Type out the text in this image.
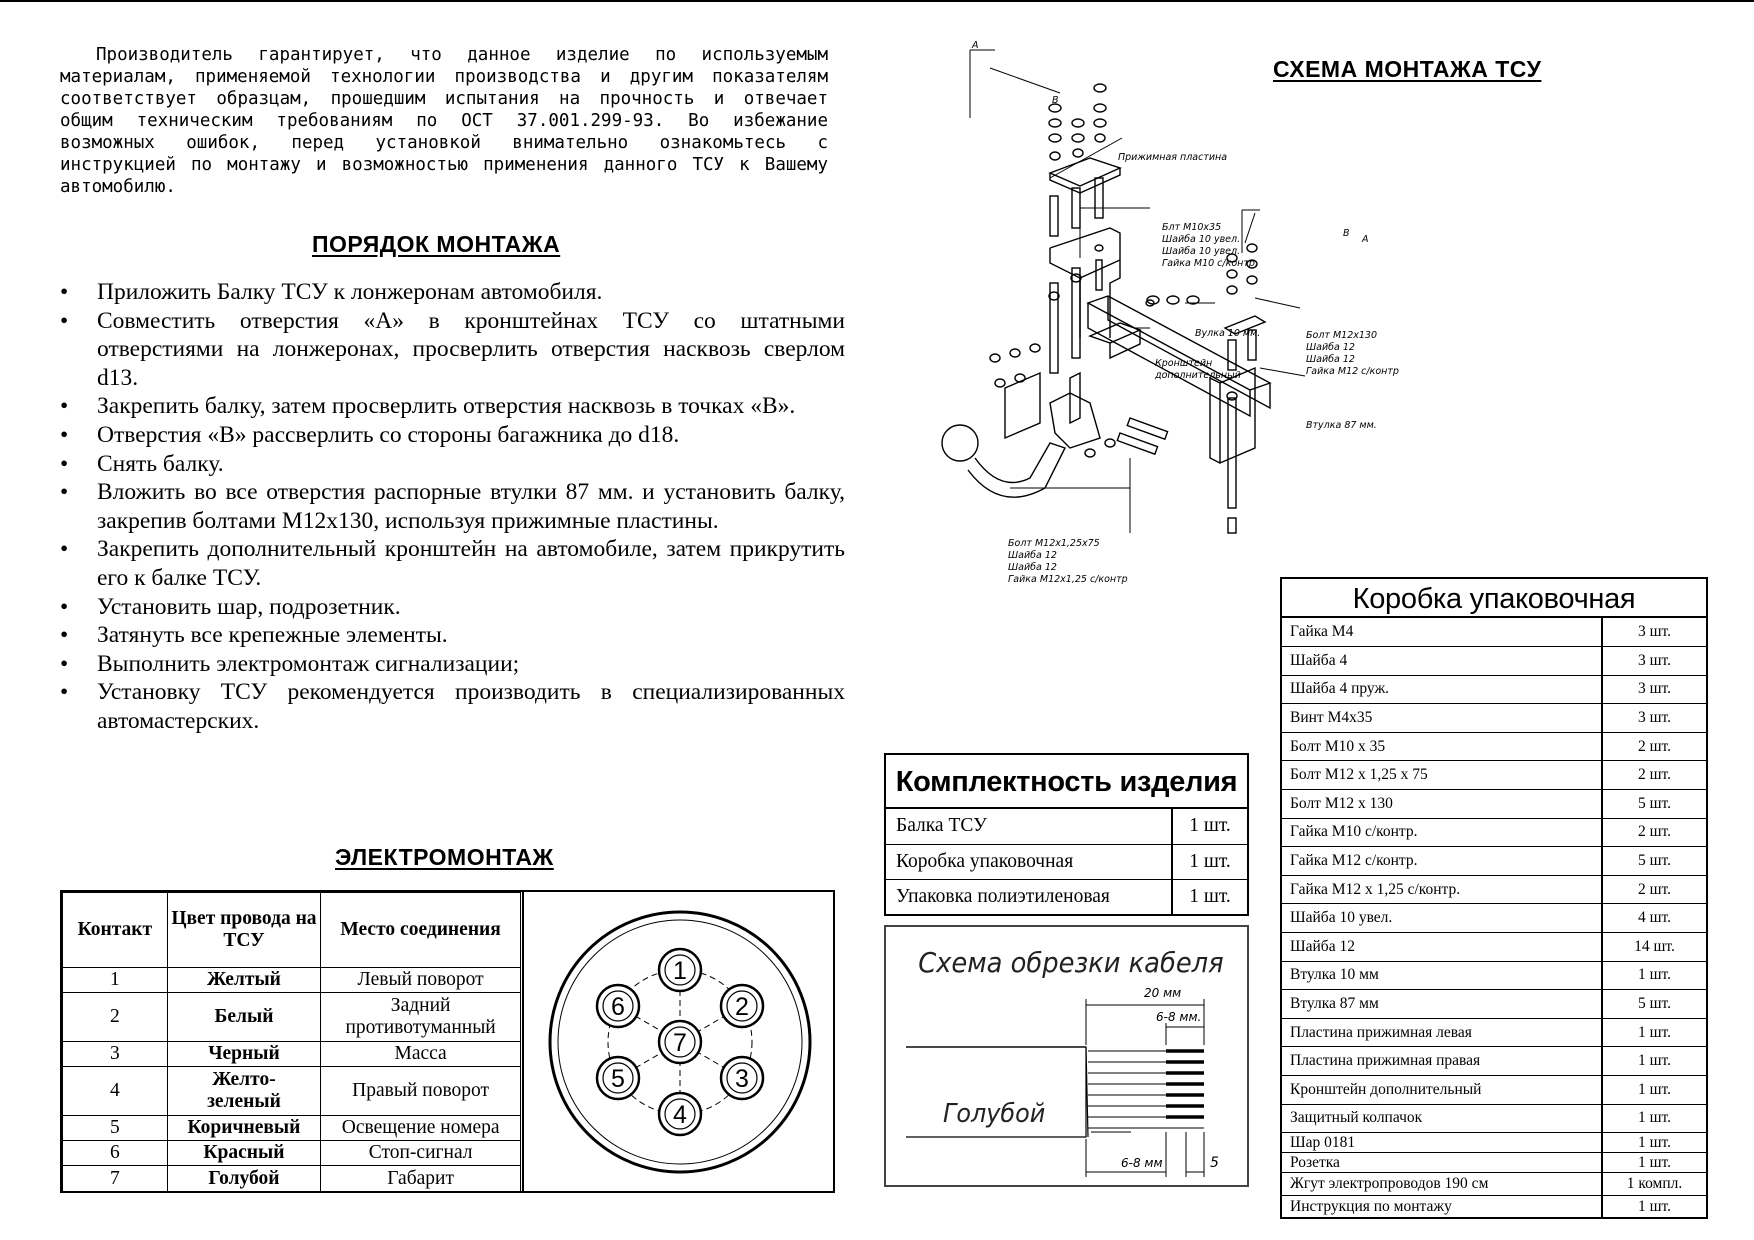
Производитель гарантирует, что данное изделие по используемым материалам, применяемой технологии производства и другим показателям соответствует образцам, прошедшим испытания на прочность и отвечает общим техническим требованиям по ОСТ 37.001.299-93. Во избежание возможных ошибок, перед установкой внимательно ознакомьтесь с инструкцией по монтажу и возможностью применения данного ТСУ к Вашему автомобилю.

ПОРЯДОК МОНТАЖА
• Приложить Балку ТСУ к лонжеронам автомобиля.
• Совместить отверстия «А» в кронштейнах ТСУ со штатными отверстиями на лонжеронах, просверлить отверстия насквозь сверлом d13.
• Закрепить балку, затем просверлить отверстия насквозь в точках «В».
• Отверстия «В» рассверлить со стороны багажника до d18.
• Снять балку.
• Вложить во все отверстия распорные втулки 87 мм. и установить балку, закрепив болтами М12х130, используя прижимные пластины.
• Закрепить дополнительный кронштейн на автомобиле, затем прикрутить его к балке ТСУ.
• Установить шар, подрозетник.
• Затянуть все крепежные элементы.
• Выполнить электромонтаж сигнализации;
• Установку ТСУ рекомендуется производить в специализированных автомастерских.
ЭЛЕКТРОМОНТАЖ
Контакт	Цвет провода на ТСУ	Место соединения
1	Желтый	Левый поворот
2	Белый	Задний противотуманный
3	Черный	Масса
4	Желто-зеленый	Правый поворот
5	Коричневый	Освещение номера
6	Красный	Стоп-сигнал
7	Голубой	Габарит
1
2
3
4
5
6
7
СХЕМА МОНТАЖА ТСУ
A
B
Прижимная пластина
Блт М10х35
Шайба 10 увел.
Шайба 10 увел.
Гайка М10 с/контр.
Вулка 10 мм.
Кронштейн
дополнительный
B
A
Болт М12х130
Шайба 12
Шайба 12
Гайка М12 с/контр
Втулка 87 мм.
Болт М12х1,25х75
Шайба 12
Шайба 12
Гайка М12х1,25 с/контр
Комплектность изделия
Балка ТСУ	1 шт.
Коробка упаковочная	1 шт.
Упаковка полиэтиленовая	1 шт.
Схема обрезки кабеля
20 мм
6-8 мм.
6-8 мм	5
Голубой
Коробка упаковочная
Гайка М4	3 шт.
Шайба 4	3 шт.
Шайба 4 пруж.	3 шт.
Винт М4х35	3 шт.
Болт М10 х 35	2 шт.
Болт М12 х 1,25 х 75	2 шт.
Болт М12 х 130	5 шт.
Гайка М10 с/контр.	2 шт.
Гайка М12 с/контр.	5 шт.
Гайка М12 х 1,25 с/контр.	2 шт.
Шайба 10 увел.	4 шт.
Шайба 12	14 шт.
Втулка 10 мм	1 шт.
Втулка 87 мм	5 шт.
Пластина прижимная левая	1 шт.
Пластина прижимная правая	1 шт.
Кронштейн дополнительный	1 шт.
Защитный колпачок	1 шт.
Шар 0181	1 шт.
Розетка	1 шт.
Жгут электропроводов 190 см	1 компл.
Инструкция по монтажу	1 шт.
